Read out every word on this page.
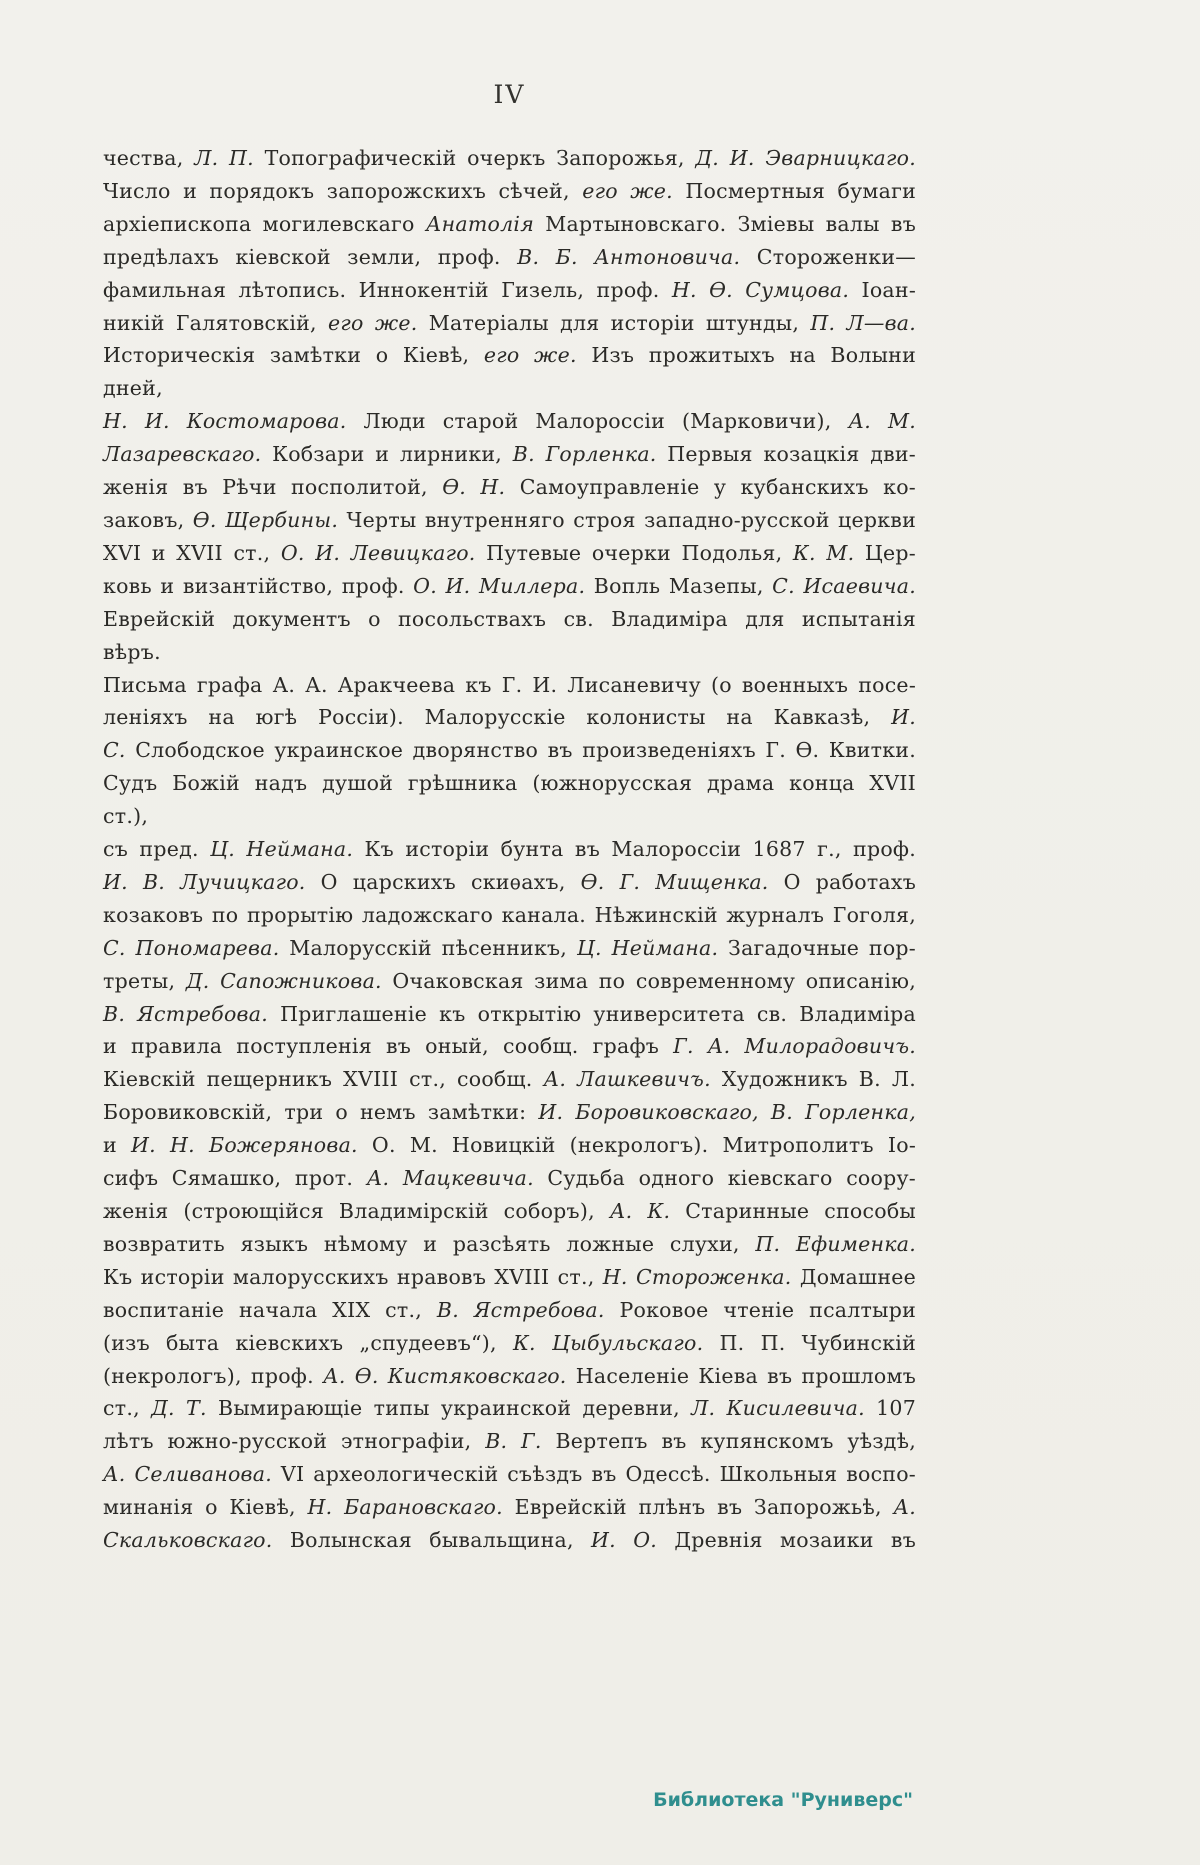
IV
чества, Л. П. Топографическій очеркъ Запорожья, Д. И. Эварницкаго.
Число и порядокъ запорожскихъ сѣчей, его же. Посмертныя бумаги
архіепископа могилевскаго Анатолія Мартыновскаго. Зміевы валы въ
предѣлахъ кіевской земли, проф. В. Б. Антоновича. Стороженки—
фамильная лѣтопись. Иннокентій Гизель, проф. Н. Ѳ. Сумцова. Іоан-
никій Галятовскій, его же. Матеріалы для исторіи штунды, П. Л—ва.
Историческія замѣтки о Кіевѣ, его же. Изъ прожитыхъ на Волыни дней,
Н. И. Костомарова. Люди старой Малороссіи (Марковичи), А. М.
Лазаревскаго. Кобзари и лирники, В. Горленка. Первыя козацкія дви-
женія въ Рѣчи посполитой, Ѳ. Н. Самоуправленіе у кубанскихъ ко-
заковъ, Ѳ. Щербины. Черты внутренняго строя западно-русской церкви
XVI и XVII ст., О. И. Левицкаго. Путевые очерки Подолья, К. М. Цер-
ковь и византійство, проф. О. И. Миллера. Вопль Мазепы, С. Исаевича.
Еврейскій документъ о посольствахъ св. Владиміра для испытанія вѣръ.
Письма графа А. А. Аракчеева къ Г. И. Лисаневичу (о военныхъ посе-
леніяхъ на югѣ Россіи). Малорусскіе колонисты на Кавказѣ, И.
С. Слободское украинское дворянство въ произведеніяхъ Г. Ѳ. Квитки.
Судъ Божій надъ душой грѣшника (южнорусская драма конца XVII ст.),
съ пред. Ц. Неймана. Къ исторіи бунта въ Малороссіи 1687 г., проф.
И. В. Лучицкаго. О царскихъ скиѳахъ, Ѳ. Г. Мищенка. О работахъ
козаковъ по прорытію ладожскаго канала. Нѣжинскій журналъ Гоголя,
С. Пономарева. Малорусскій пѣсенникъ, Ц. Неймана. Загадочные пор-
треты, Д. Сапожникова. Очаковская зима по современному описанію,
В. Ястребова. Приглашеніе къ открытію университета св. Владиміра
и правила поступленія въ оный, сообщ. графъ Г. А. Милорадовичъ.
Кіевскій пещерникъ XVIII ст., сообщ. А. Лашкевичъ. Художникъ В. Л.
Боровиковскій, три о немъ замѣтки: И. Боровиковскаго, В. Горленка,
и И. Н. Божерянова. О. М. Новицкій (некрологъ). Митрополитъ Іо-
сифъ Сямашко, прот. А. Мацкевича. Судьба одного кіевскаго соору-
женія (строющійся Владимірскій соборъ), А. К. Старинные способы
возвратить языкъ нѣмому и разсѣять ложные слухи, П. Ефименка.
Къ исторіи малорусскихъ нравовъ XVIII ст., Н. Стороженка. Домашнее
воспитаніе начала XIX ст., В. Ястребова. Роковое чтеніе псалтыри
(изъ быта кіевскихъ „спудеевъ“), К. Цыбульскаго. П. П. Чубинскій
(некрологъ), проф. А. Ѳ. Кистяковскаго. Населеніе Кіева въ прошломъ
ст., Д. Т. Вымирающіе типы украинской деревни, Л. Кисилевича. 107
лѣтъ южно-русской этнографіи, В. Г. Вертепъ въ купянскомъ уѣздѣ,
А. Селиванова. VI археологическій съѣздъ въ Одессѣ. Школьныя воспо-
минанія о Кіевѣ, Н. Барановскаго. Еврейскій плѣнъ въ Запорожьѣ, А.
Скальковскаго. Волынская бывальщина, И. О. Древнія мозаики въ
Библиотека "Руниверс"
